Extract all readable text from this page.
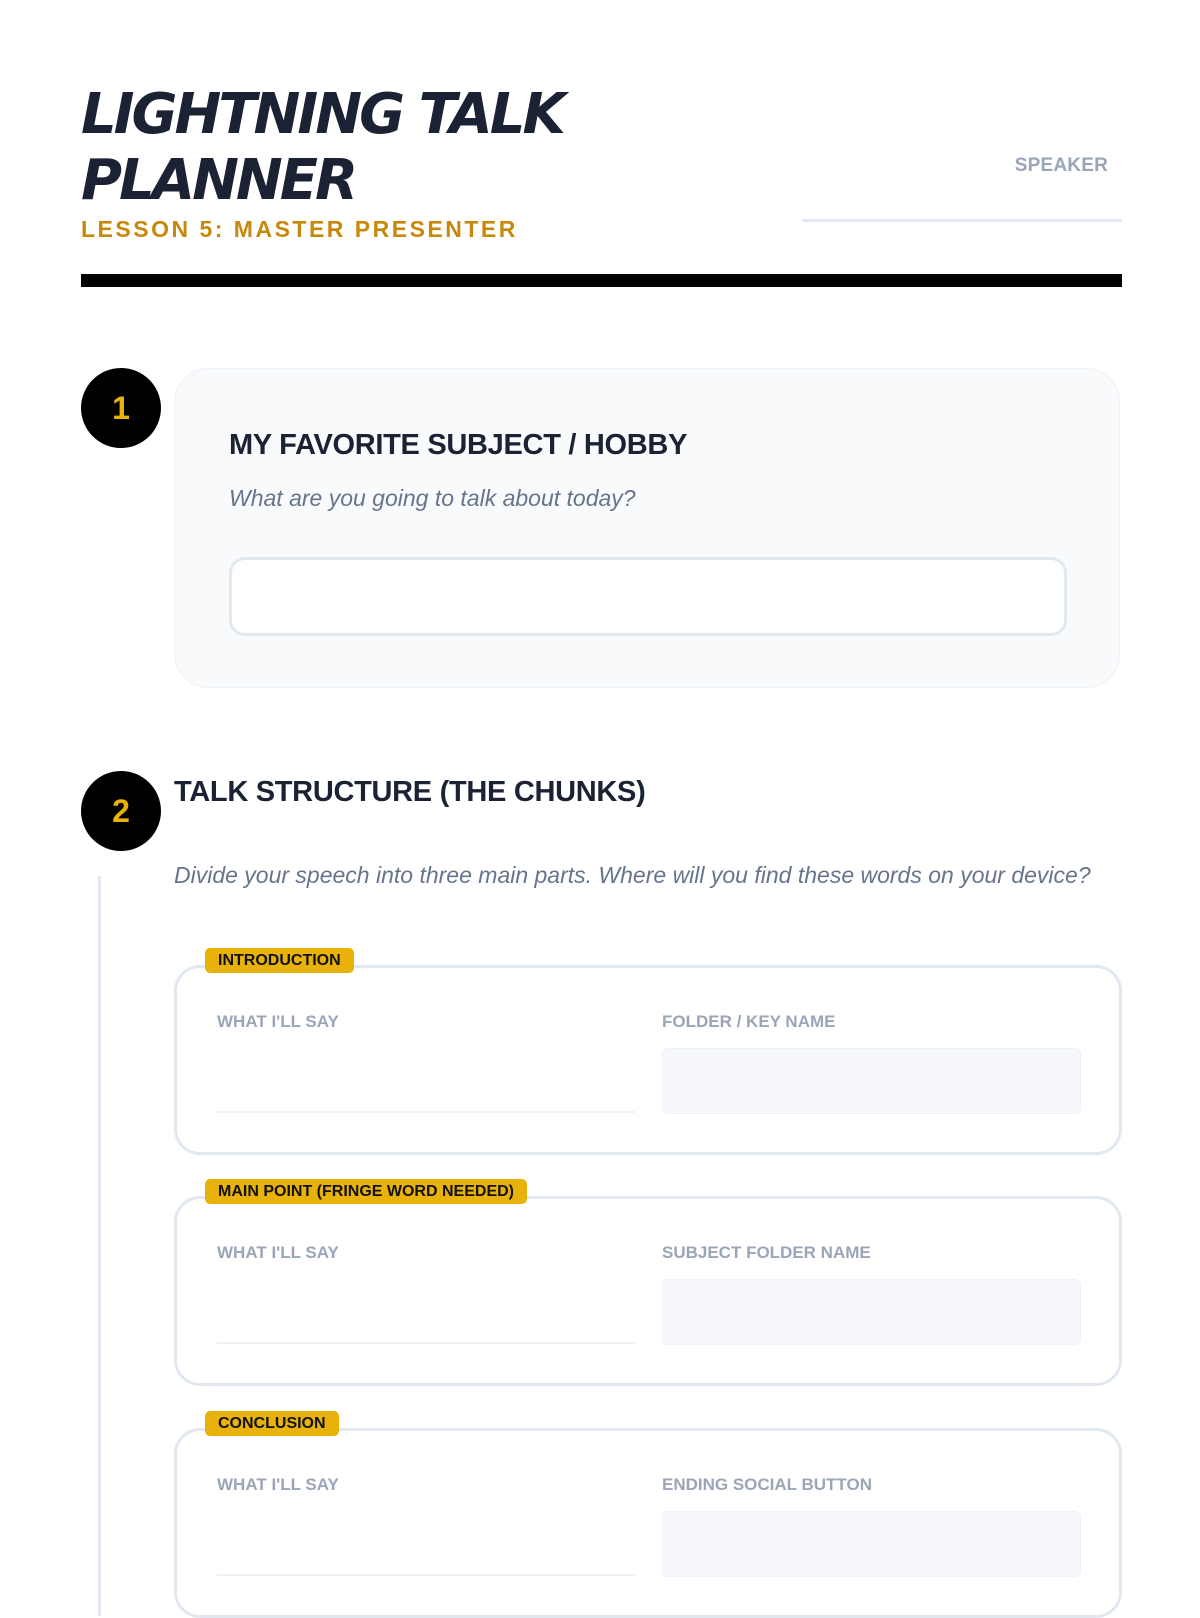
LIGHTNING TALK
PLANNER
LESSON 5: MASTER PRESENTER
SPEAKER
1
MY FAVORITE SUBJECT / HOBBY
What are you going to talk about today?
2
TALK STRUCTURE (THE CHUNKS)
Divide your speech into three main parts. Where will you find these words on your device?
INTRODUCTION
WHAT I'LL SAY	FOLDER / KEY NAME
MAIN POINT (FRINGE WORD NEEDED)
WHAT I'LL SAY	SUBJECT FOLDER NAME
CONCLUSION
WHAT I'LL SAY	ENDING SOCIAL BUTTON
